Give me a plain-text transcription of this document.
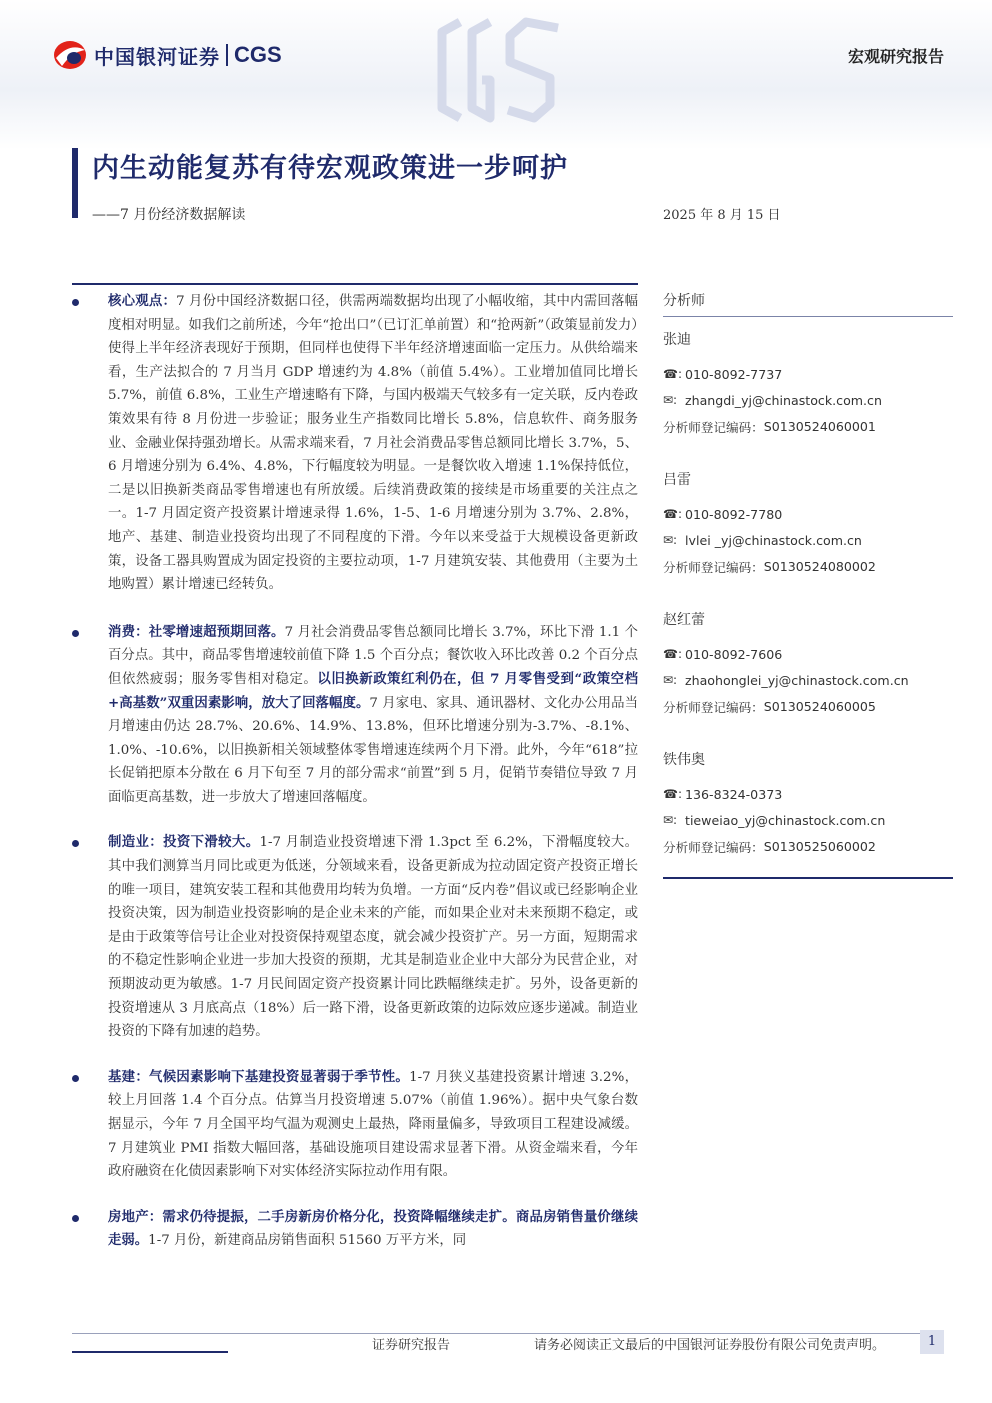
中国银河证券 CGS	宏观研究报告
内生动能复苏有待宏观政策进一步呵护
——7 月份经济数据解读	2025 年 8 月 15 日
核心观点：7 月份中国经济数据口径，供需两端数据均出现了小幅收缩，其中内需回落幅度相对明显。如我们之前所述，今年“抢出口”（已订汇单前置）和“抢两新”（政策显前发力）使得上半年经济表现好于预期，但同样也使得下半年经济增速面临一定压力。从供给端来看，生产法拟合的 7 月当月 GDP 增速约为 4.8%（前值 5.4%）。工业增加值同比增长 5.7%，前值 6.8%，工业生产增速略有下降，与国内极端天气较多有一定关联，反内卷政策效果有待 8 月份进一步验证；服务业生产指数同比增长 5.8%，信息软件、商务服务业、金融业保持强劲增长。从需求端来看，7 月社会消费品零售总额同比增长 3.7%，5、6 月增速分别为 6.4%、4.8%，下行幅度较为明显。一是餐饮收入增速 1.1%保持低位，二是以旧换新类商品零售增速也有所放缓。后续消费政策的接续是市场重要的关注点之一。1-7 月固定资产投资累计增速录得 1.6%，1-5、1-6 月增速分别为 3.7%、2.8%，地产、基建、制造业投资均出现了不同程度的下滑。今年以来受益于大规模设备更新政策，设备工器具购置成为固定投资的主要拉动项，1-7 月建筑安装、其他费用（主要为土地购置）累计增速已经转负。
消费：社零增速超预期回落。7 月社会消费品零售总额同比增长 3.7%，环比下滑 1.1 个百分点。其中，商品零售增速较前值下降 1.5 个百分点；餐饮收入环比改善 0.2 个百分点但依然疲弱；服务零售相对稳定。以旧换新政策红利仍在，但 7 月零售受到“政策空档+高基数”双重因素影响，放大了回落幅度。7 月家电、家具、通讯器材、文化办公用品当月增速由仍达 28.7%、20.6%、14.9%、13.8%，但环比增速分别为-3.7%、-8.1%、1.0%、-10.6%，以旧换新相关领域整体零售增速连续两个月下滑。此外，今年“618”拉长促销把原本分散在 6 月下旬至 7 月的部分需求“前置”到 5 月，促销节奏错位导致 7 月面临更高基数，进一步放大了增速回落幅度。
制造业：投资下滑较大。1-7 月制造业投资增速下滑 1.3pct 至 6.2%，下滑幅度较大。其中我们测算当月同比或更为低迷，分领域来看，设备更新成为拉动固定资产投资正增长的唯一项目，建筑安装工程和其他费用均转为负增。一方面“反内卷”倡议或已经影响企业投资决策，因为制造业投资影响的是企业未来的产能，而如果企业对未来预期不稳定，或是由于政策等信号让企业对投资保持观望态度，就会减少投资扩产。另一方面，短期需求的不稳定性影响企业进一步加大投资的预期，尤其是制造业企业中大部分为民营企业，对预期波动更为敏感。1-7 月民间固定资产投资累计同比跌幅继续走扩。另外，设备更新的投资增速从 3 月底高点（18%）后一路下滑，设备更新政策的边际效应逐步递减。制造业投资的下降有加速的趋势。
基建：气候因素影响下基建投资显著弱于季节性。1-7 月狭义基建投资累计增速 3.2%，较上月回落 1.4 个百分点。估算当月投资增速 5.07%（前值 1.96%）。据中央气象台数据显示，今年 7 月全国平均气温为观测史上最热，降雨量偏多，导致项目工程建设减缓。7 月建筑业 PMI 指数大幅回落，基础设施项目建设需求显著下滑。从资金端来看，今年政府融资在化债因素影响下对实体经济实际拉动作用有限。
房地产：需求仍待提振，二手房新房价格分化，投资降幅继续走扩。商品房销售量价继续走弱。1-7 月份，新建商品房销售面积 51560 万平方米，同
分析师
张迪
☎: 010-8092-7737
✉: zhangdi_yj@chinastock.com.cn
分析师登记编码： S0130524060001
吕雷
☎: 010-8092-7780
✉: lvlei _yj@chinastock.com.cn
分析师登记编码： S0130524080002
赵红蕾
☎: 010-8092-7606
✉: zhaohonglei_yj@chinastock.com.cn
分析师登记编码： S0130524060005
铁伟奥
☎: 136-8324-0373
✉: tieweiao_yj@chinastock.com.cn
分析师登记编码： S0130525060002
证券研究报告	请务必阅读正文最后的中国银河证券股份有限公司免责声明。	1
